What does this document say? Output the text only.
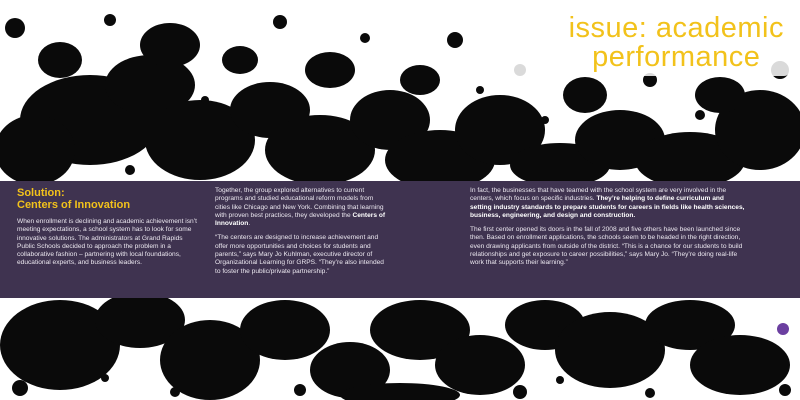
issue: academic
performance
Solution:
Centers of Innovation

When enrollment is declining and academic achievement isn’t meeting expectations, a school system has to look for some innovative solutions. The administrators at Grand Rapids Public Schools decided to approach the problem in a collaborative fashion – partnering with local foundations, educational experts, and business leaders.

Together, the group explored alternatives to current programs and studied educational reform models from cities like Chicago and New York. Combining that learning with proven best practices, they developed the Centers of Innovation.

“The centers are designed to increase achievement and offer more opportunities and choices for students and parents,” says Mary Jo Kuhlman, executive director of Organizational Learning for GRPS. “They’re also intended to foster the public/private partnership.”

In fact, the businesses that have teamed with the school system are very involved in the centers, which focus on specific industries. They’re helping to define curriculum and setting industry standards to prepare students for careers in fields like health sciences, business, engineering, and design and construction.

The first center opened its doors in the fall of 2008 and five others have been launched since then. Based on enrollment applications, the schools seem to be headed in the right direction, even drawing applicants from outside of the district. “This is a chance for our students to build relationships and get exposure to career possibilities,” says Mary Jo. “They’re doing real-life work that supports their learning.”
